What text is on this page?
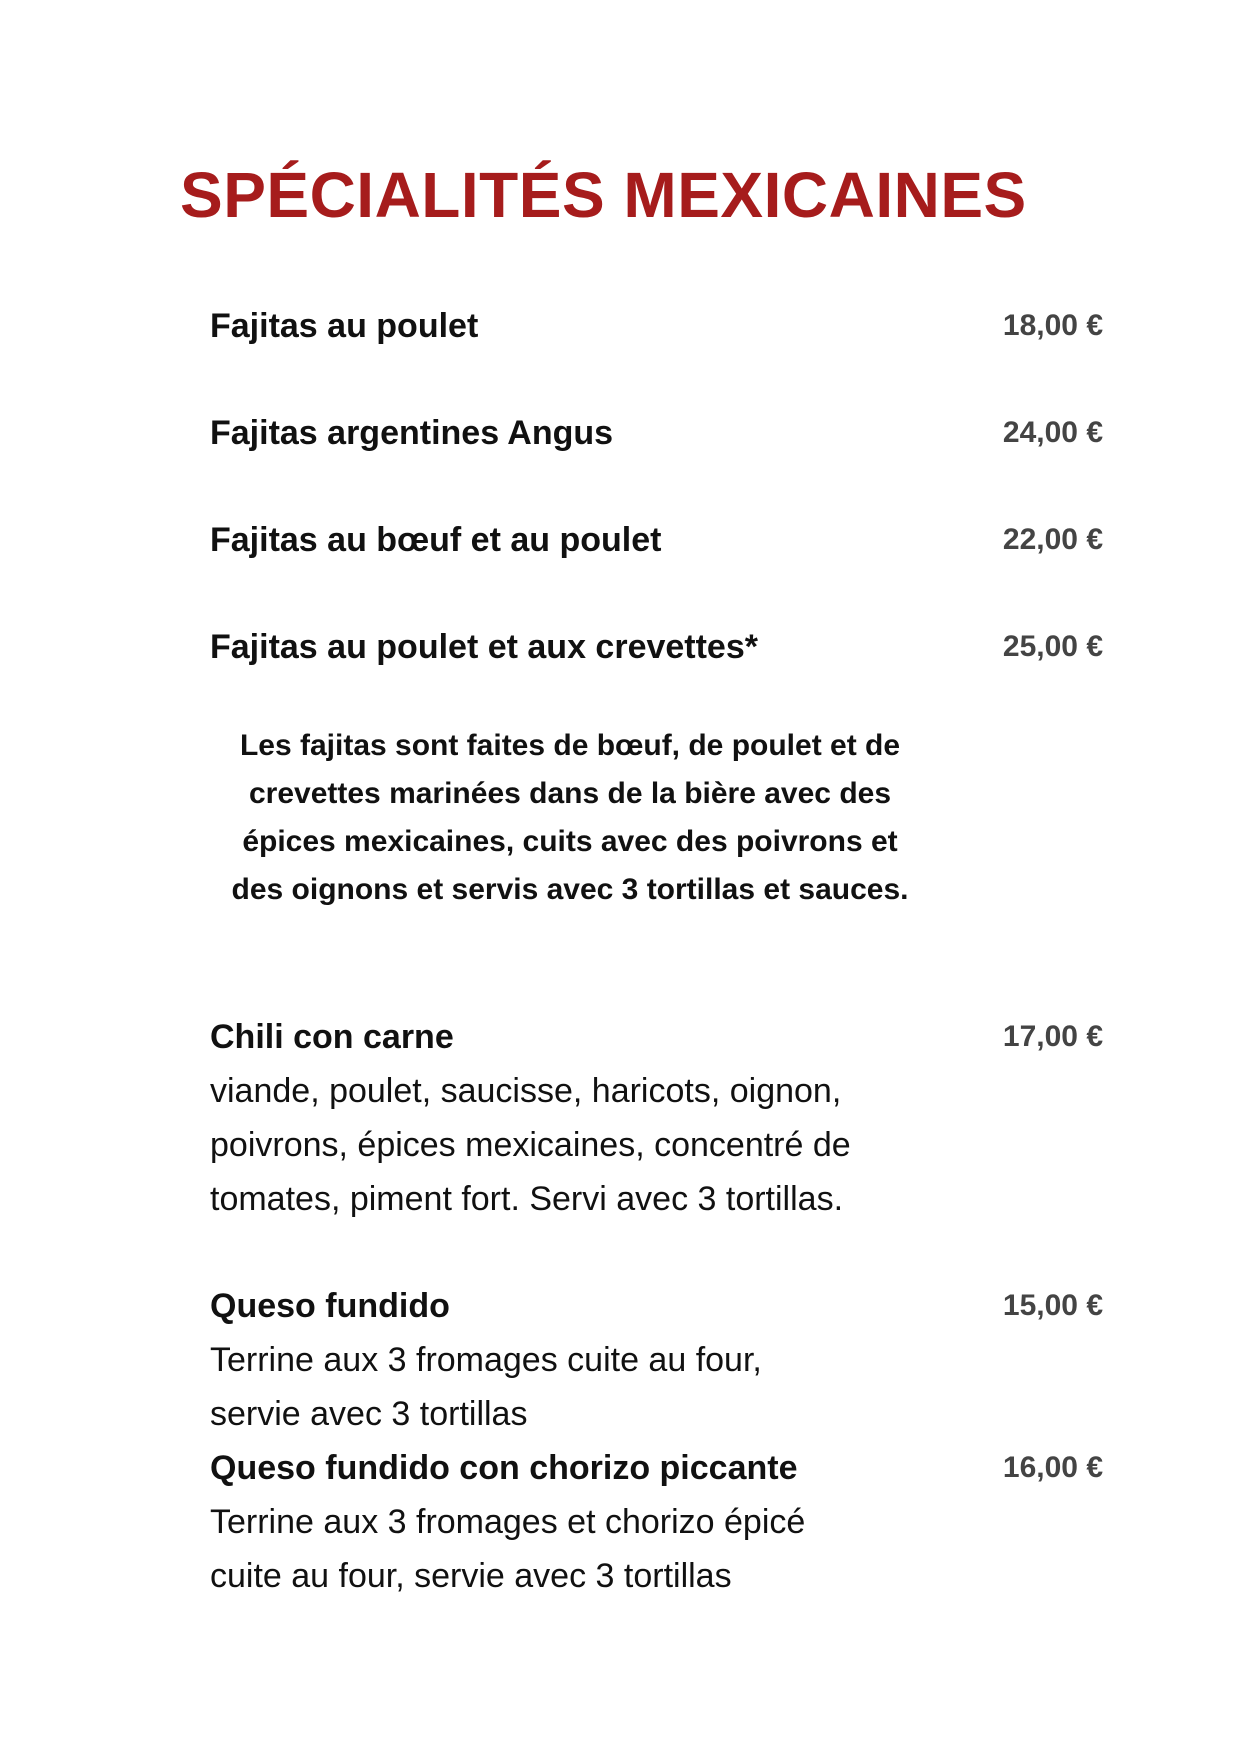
SPÉCIALITÉS MEXICAINES
Fajitas au poulet	18,00 €
Fajitas argentines Angus	24,00 €
Fajitas au bœuf et au poulet	22,00 €
Fajitas au poulet et aux crevettes*	25,00 €
Les fajitas sont faites de bœuf, de poulet et de
crevettes marinées dans de la bière avec des
épices mexicaines, cuits avec des poivrons et
des oignons et servis avec 3 tortillas et sauces.
Chili con carne	17,00 €
viande, poulet, saucisse, haricots, oignon,
poivrons, épices mexicaines, concentré de
tomates, piment fort. Servi avec 3 tortillas.
Queso fundido	15,00 €
Terrine aux 3 fromages cuite au four,
servie avec 3 tortillas
Queso fundido con chorizo piccante	16,00 €
Terrine aux 3 fromages et chorizo épicé
cuite au four, servie avec 3 tortillas
